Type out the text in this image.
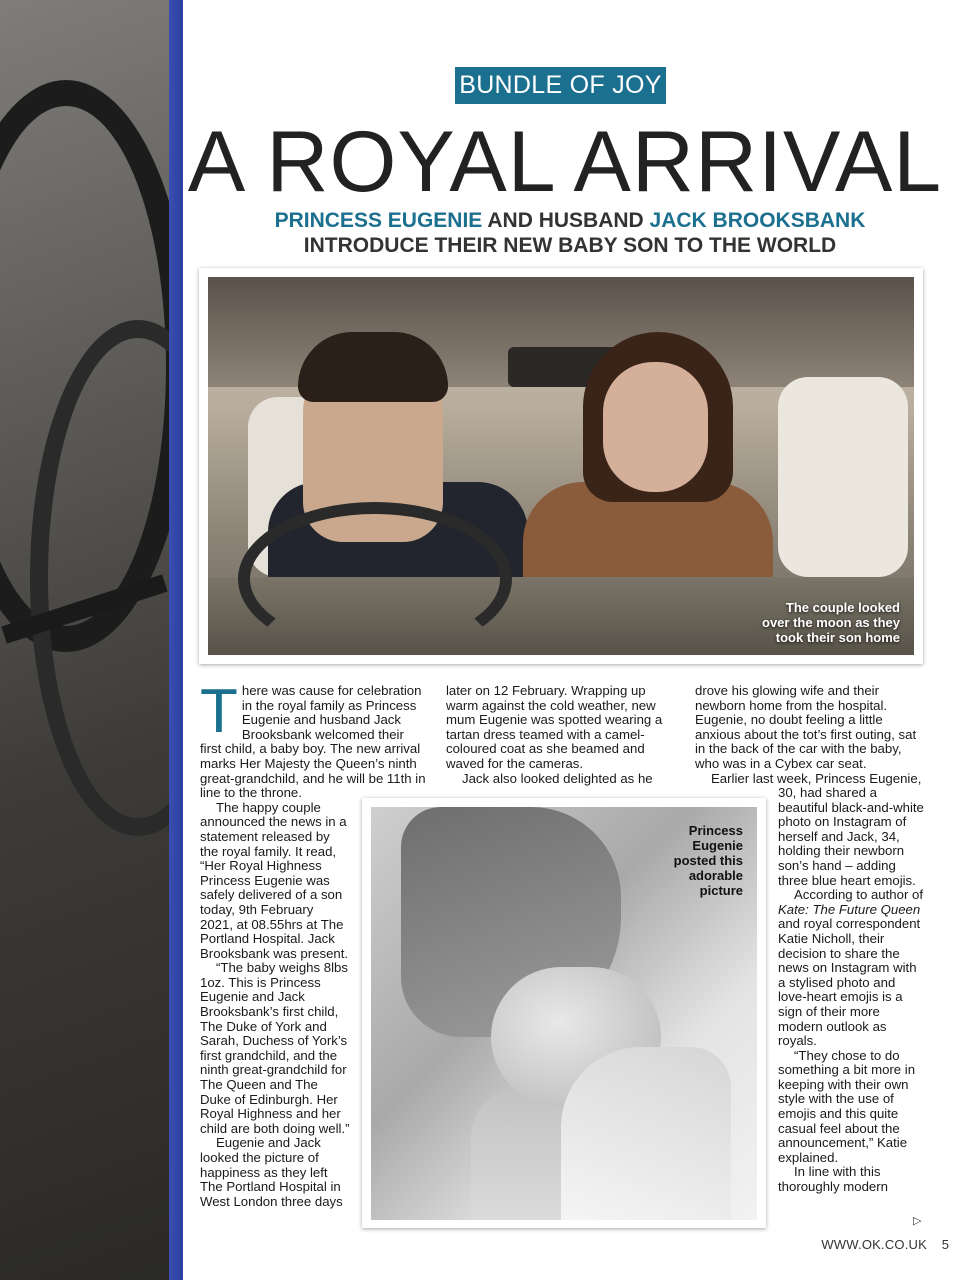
BUNDLE OF JOY
A ROYAL ARRIVAL
PRINCESS EUGENIE AND HUSBAND JACK BROOKSBANK
INTRODUCE THEIR NEW BABY SON TO THE WORLD
The couple looked
over the moon as they
took their son home

There was cause for celebration in the royal family as Princess Eugenie and husband Jack Brooksbank welcomed their first child, a baby boy. The new arrival marks Her Majesty the Queen’s ninth great-grandchild, and he will be 11th in line to the throne.

The happy couple announced the news in a statement released by the royal family. It read, “Her Royal Highness Princess Eugenie was safely delivered of a son today, 9th February 2021, at 08.55hrs at The Portland Hospital. Jack Brooksbank was present.

“The baby weighs 8lbs 1oz. This is Princess Eugenie and Jack Brooksbank’s first child, The Duke of York and Sarah, Duchess of York’s first grandchild, and the ninth great-grandchild for The Queen and The Duke of Edinburgh. Her Royal Highness and her child are both doing well.”

Eugenie and Jack looked the picture of happiness as they left The Portland Hospital in West London three days

later on 12 February. Wrapping up warm against the cold weather, new mum Eugenie was spotted wearing a tartan dress teamed with a camel-coloured coat as she beamed and waved for the cameras.

Jack also looked delighted as he

drove his glowing wife and their newborn home from the hospital. Eugenie, no doubt feeling a little anxious about the tot’s first outing, sat in the back of the car with the baby, who was in a Cybex car seat.

Earlier last week, Princess Eugenie,

30, had shared a beautiful black-and-white photo on Instagram of herself and Jack, 34, holding their newborn son’s hand – adding three blue heart emojis.

According to author of Kate: The Future Queen and royal correspondent Katie Nicholl, their decision to share the news on Instagram with a stylised photo and love-heart emojis is a sign of their more modern outlook as royals.

“They chose to do something a bit more in keeping with their own style with the use of emojis and this quite casual feel about the announcement,” Katie explained.

In line with this thoroughly modern

Princess
Eugenie
posted this
adorable
picture
▷
WWW.OK.CO.UK 5
